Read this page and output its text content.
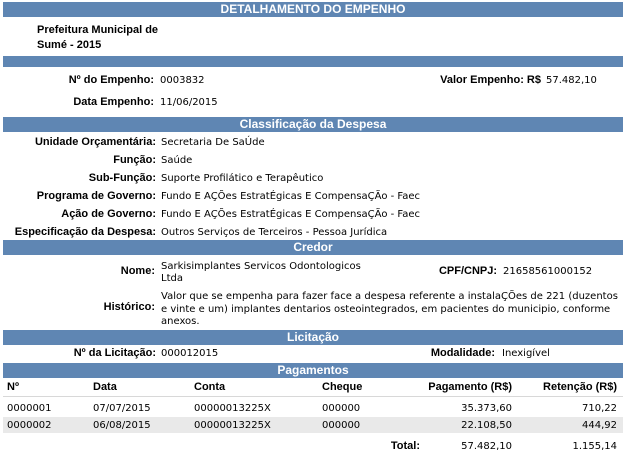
DETALHAMENTO DO EMPENHO
Prefeitura Municipal de
Sumé - 2015
Nº do Empenho: 0003832	Valor Empenho: R$ 57.482,10
Data Empenho: 11/06/2015
Classificação da Despesa
Unidade Orçamentária: Secretaria De SaÚde
Função: Saúde
Sub-Função: Suporte Profilático e Terapêutico
Programa de Governo: Fundo E AÇÕes EstratÉgicas E CompensaÇÃo - Faec
Ação de Governo: Fundo E AÇÕes EstratÉgicas E CompensaÇÃo - Faec
Especificação da Despesa: Outros Serviços de Terceiros - Pessoa Jurídica
Credor
Nome: Sarkisimplantes Servicos Odontologicos
Ltda
CPF/CNPJ: 21658561000152
Histórico:
Valor que se empenha para fazer face a despesa referente a instalaÇÕes de 221 (duzentos
e vinte e um) implantes dentarios osteointegrados, em pacientes do municipio, conforme
anexos.
Licitação
Nº da Licitação: 000012015	Modalidade: Inexigível
Pagamentos
Nº	Data	Conta	Cheque	Pagamento (R$)	Retenção (R$)
0000001	07/07/2015	00000013225X	000000	35.373,60	710,22
0000002	06/08/2015	00000013225X	000000	22.108,50	444,92
Total:	57.482,10	1.155,14
